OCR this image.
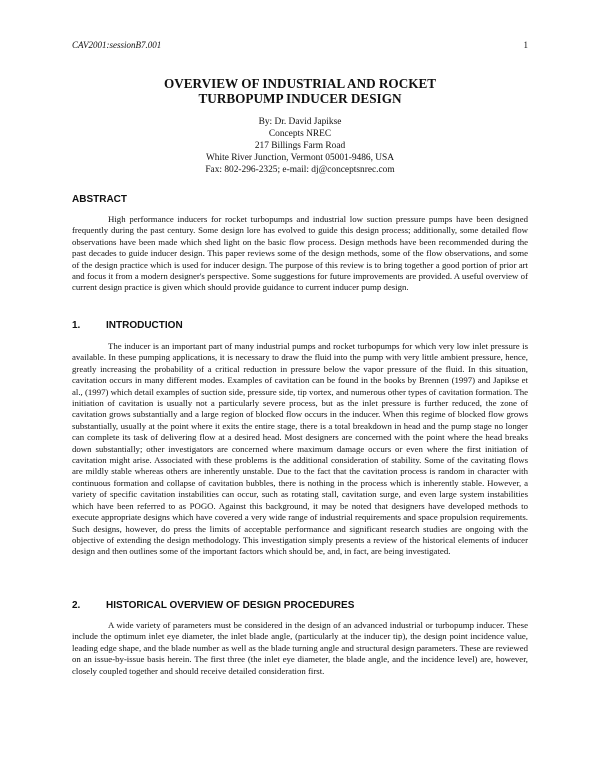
CAV2001:sessionB7.001	1
OVERVIEW OF INDUSTRIAL AND ROCKET
TURBOPUMP INDUCER DESIGN
By: Dr. David Japikse
Concepts NREC
217 Billings Farm Road
White River Junction, Vermont 05001-9486, USA
Fax: 802-296-2325; e-mail: dj@conceptsnrec.com
ABSTRACT

High performance inducers for rocket turbopumps and industrial low suction pressure pumps have been designed frequently during the past century. Some design lore has evolved to guide this design process; additionally, some detailed flow observations have been made which shed light on the basic flow process. Design methods have been recommended during the past decades to guide inducer design. This paper reviews some of the design methods, some of the flow observations, and some of the design practice which is used for inducer design. The purpose of this review is to bring together a good portion of prior art and focus it from a modern designer's perspective. Some suggestions for future improvements are provided. A useful overview of current design practice is given which should provide guidance to current inducer pump design.

1.	INTRODUCTION

The inducer is an important part of many industrial pumps and rocket turbopumps for which very low inlet pressure is available. In these pumping applications, it is necessary to draw the fluid into the pump with very little ambient pressure, hence, greatly increasing the probability of a critical reduction in pressure below the vapor pressure of the fluid. In this situation, cavitation occurs in many different modes. Examples of cavitation can be found in the books by Brennen (1997) and Japikse et al., (1997) which detail examples of suction side, pressure side, tip vortex, and numerous other types of cavitation formation. The initiation of cavitation is usually not a particularly severe process, but as the inlet pressure is further reduced, the zone of cavitation grows substantially and a large region of blocked flow occurs in the inducer. When this regime of blocked flow grows substantially, usually at the point where it exits the entire stage, there is a total breakdown in head and the pump stage no longer can complete its task of delivering flow at a desired head. Most designers are concerned with the point where the head breaks down substantially; other investigators are concerned where maximum damage occurs or even where the first initiation of cavitation might arise. Associated with these problems is the additional consideration of stability. Some of the cavitating flows are mildly stable whereas others are inherently unstable. Due to the fact that the cavitation process is random in character with continuous formation and collapse of cavitation bubbles, there is nothing in the process which is inherently stable. However, a variety of specific cavitation instabilities can occur, such as rotating stall, cavitation surge, and even large system instabilities which have been referred to as POGO. Against this background, it may be noted that designers have developed methods to execute appropriate designs which have covered a very wide range of industrial requirements and space propulsion requirements. Such designs, however, do press the limits of acceptable performance and significant research studies are ongoing with the objective of extending the design methodology. This investigation simply presents a review of the historical elements of inducer design and then outlines some of the important factors which should be, and, in fact, are being investigated.

2.	HISTORICAL OVERVIEW OF DESIGN PROCEDURES

A wide variety of parameters must be considered in the design of an advanced industrial or turbopump inducer. These include the optimum inlet eye diameter, the inlet blade angle, (particularly at the inducer tip), the design point incidence value, leading edge shape, and the blade number as well as the blade turning angle and structural design parameters. These are reviewed on an issue-by-issue basis herein. The first three (the inlet eye diameter, the blade angle, and the incidence level) are, however, closely coupled together and should receive detailed consideration first.
